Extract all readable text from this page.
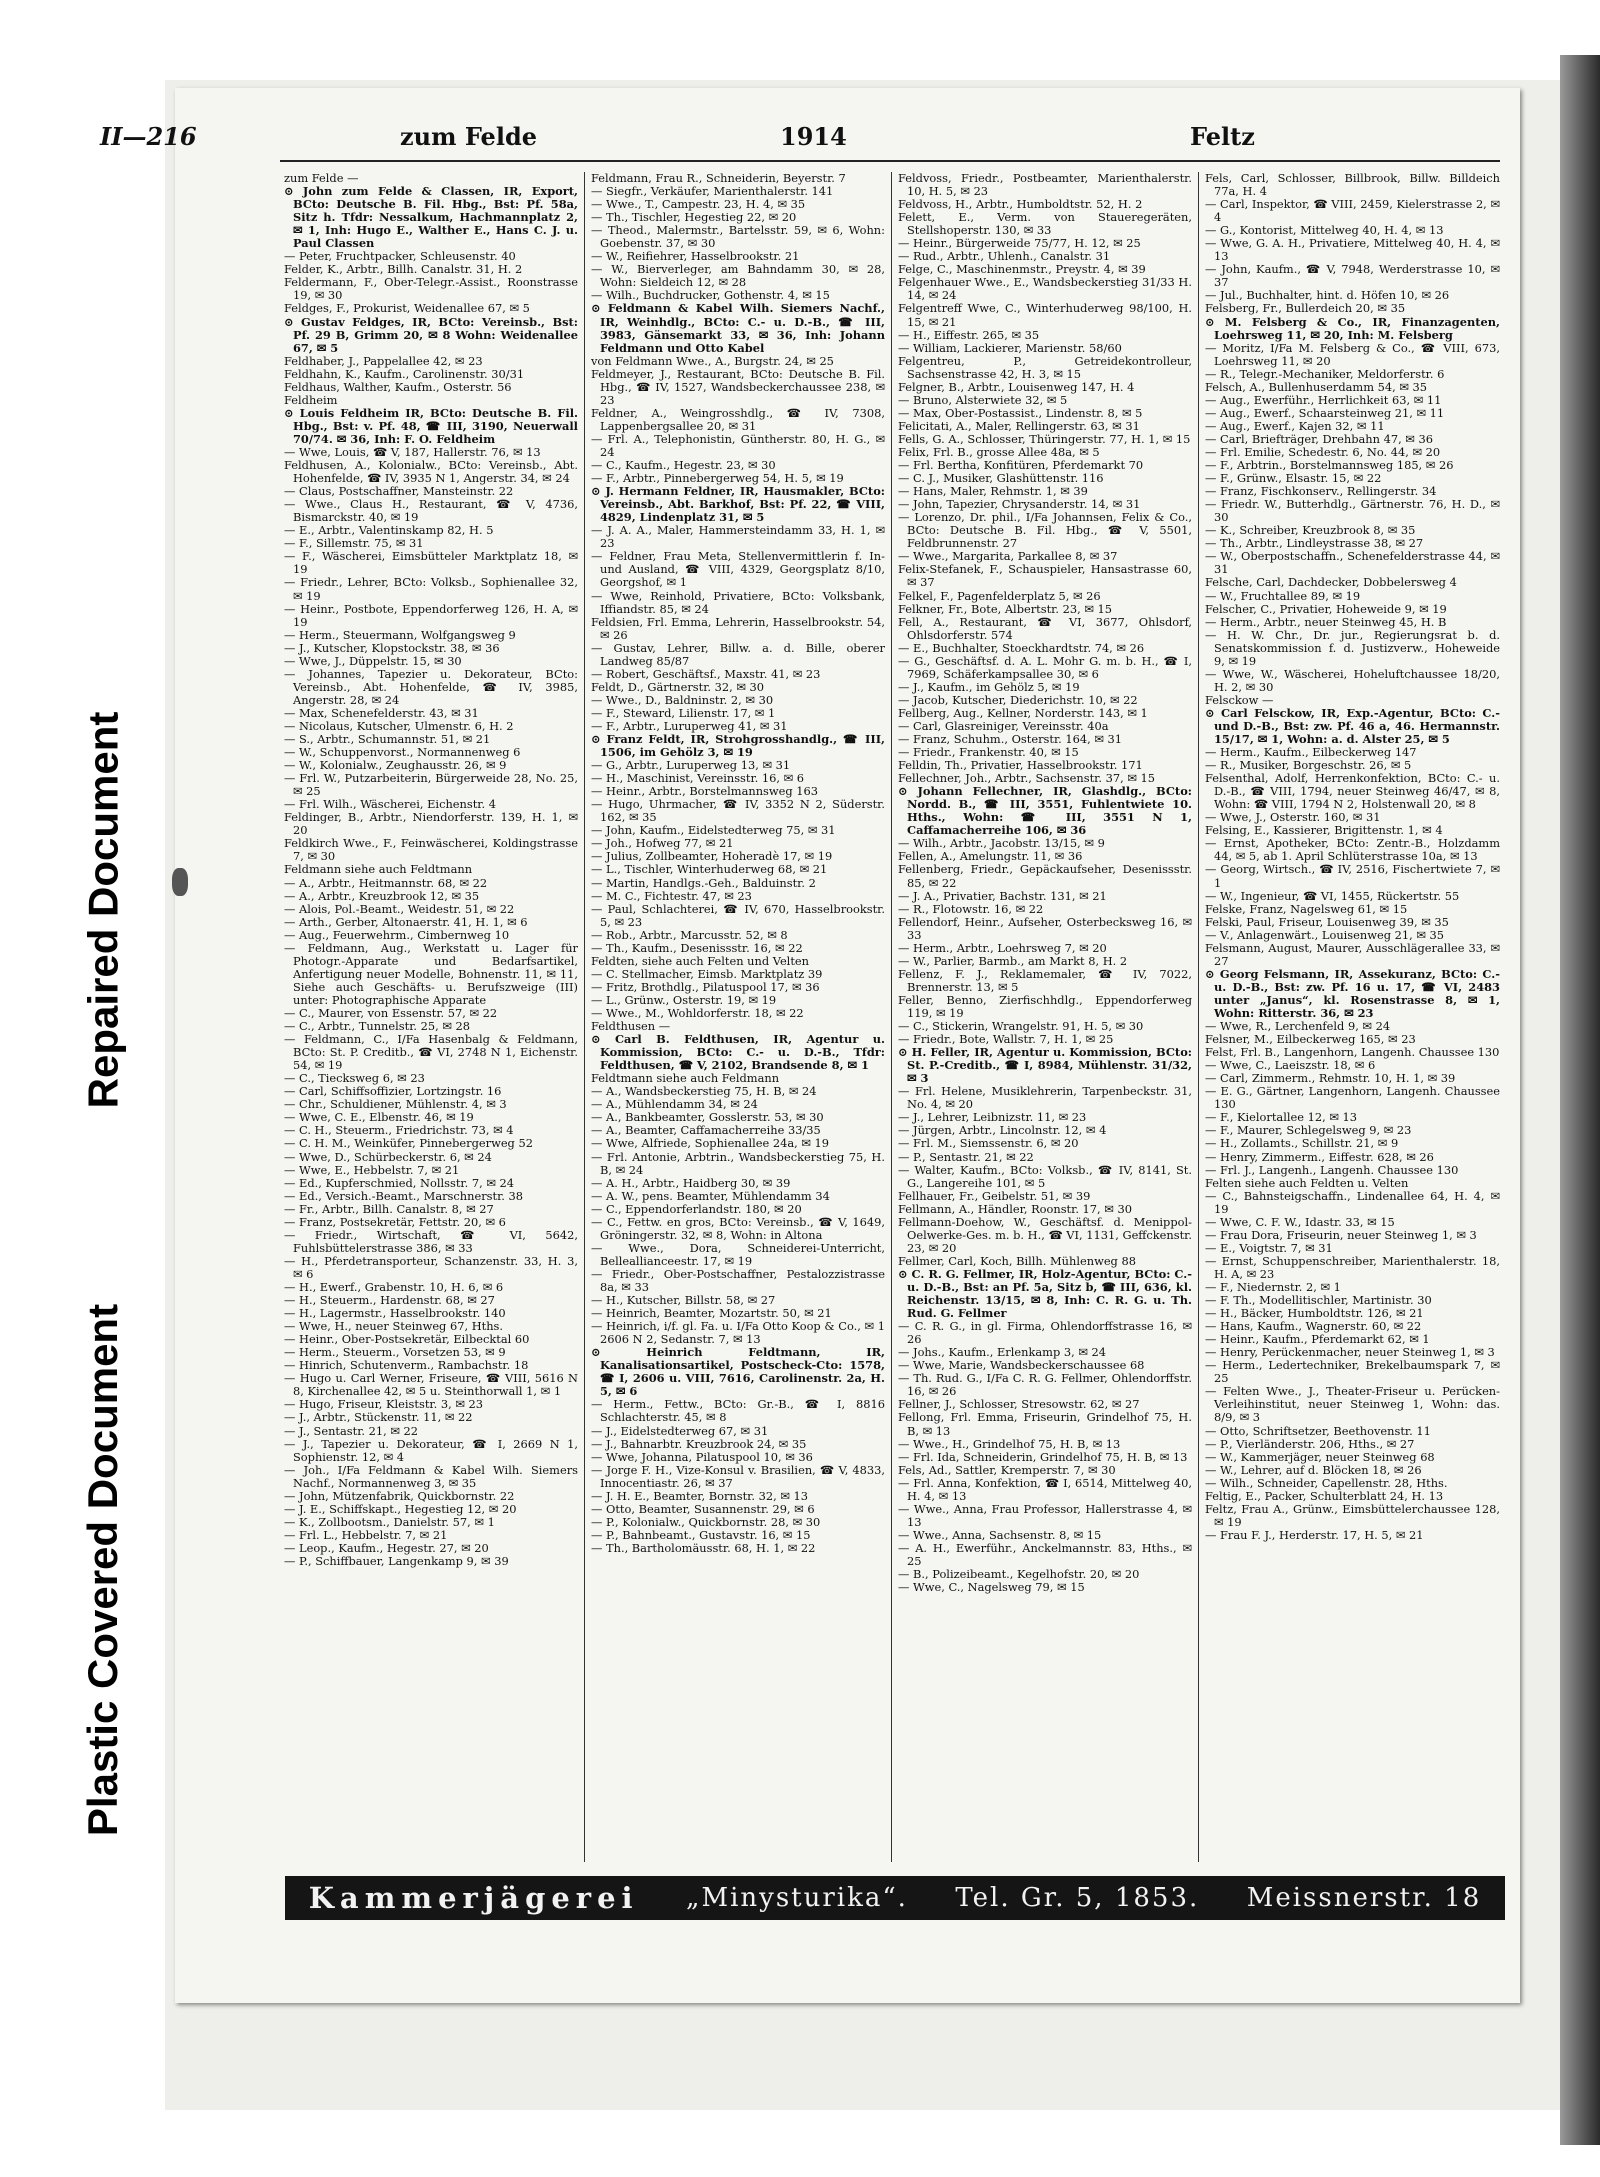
Repaired Document
Plastic Covered Document
II—216	zum Felde	1914	Feltz

zum Felde —

⊙ John zum Felde & Classen, IR, Export, BCto: Deutsche B. Fil. Hbg., Bst: Pf. 58a, Sitz h. Tfdr: Nessalkum, Hachmannplatz 2, ✉ 1, Inh: Hugo E., Walther E., Hans C. J. u. Paul Classen

— Peter, Fruchtpacker, Schleusenstr. 40

Felder, K., Arbtr., Billh. Canalstr. 31, H. 2

Feldermann, F., Ober-Telegr.-Assist., Roonstrasse 19, ✉ 30

Feldges, F., Prokurist, Weidenallee 67, ✉ 5

⊙ Gustav Feldges, IR, BCto: Vereinsb., Bst: Pf. 29 B, Grimm 20, ✉ 8 Wohn: Weidenallee 67, ✉ 5

Feldhaber, J., Pappelallee 42, ✉ 23

Feldhahn, K., Kaufm., Carolinenstr. 30/31

Feldhaus, Walther, Kaufm., Osterstr. 56

Feldheim

⊙ Louis Feldheim IR, BCto: Deutsche B. Fil. Hbg., Bst: v. Pf. 48, ☎ III, 3190, Neuerwall 70/74. ✉ 36, Inh: F. O. Feldheim

— Wwe, Louis, ☎ V, 187, Hallerstr. 76, ✉ 13

Feldhusen, A., Kolonialw., BCto: Vereinsb., Abt. Hohenfelde, ☎ IV, 3935 N 1, Angerstr. 34, ✉ 24

— Claus, Postschaffner, Mansteinstr. 22

— Wwe., Claus H., Restaurant, ☎ V, 4736, Bismarckstr. 40, ✉ 19

— E., Arbtr., Valentinskamp 82, H. 5

— F., Sillemstr. 75, ✉ 31

— F., Wäscherei, Eimsbütteler Marktplatz 18, ✉ 19

— Friedr., Lehrer, BCto: Volksb., Sophienallee 32, ✉ 19

— Heinr., Postbote, Eppendorferweg 126, H. A, ✉ 19

— Herm., Steuermann, Wolfgangsweg 9

— J., Kutscher, Klopstockstr. 38, ✉ 36

— Wwe, J., Düppelstr. 15, ✉ 30

— Johannes, Tapezier u. Dekorateur, BCto: Vereinsb., Abt. Hohenfelde, ☎ IV, 3985, Angerstr. 28, ✉ 24

— Max, Schenefelderstr. 43, ✉ 31

— Nicolaus, Kutscher, Ulmenstr. 6, H. 2

— S., Arbtr., Schumannstr. 51, ✉ 21

— W., Schuppenvorst., Normannenweg 6

— W., Kolonialw., Zeughausstr. 26, ✉ 9

— Frl. W., Putzarbeiterin, Bürgerweide 28, No. 25, ✉ 25

— Frl. Wilh., Wäscherei, Eichenstr. 4

Feldinger, B., Arbtr., Niendorferstr. 139, H. 1, ✉ 20

Feldkirch Wwe., F., Feinwäscherei, Koldingstrasse 7, ✉ 30

Feldmann siehe auch Feldtmann

— A., Arbtr., Heitmannstr. 68, ✉ 22

— A., Arbtr., Kreuzbrook 12, ✉ 35

— Alois, Pol.-Beamt., Weidestr. 51, ✉ 22

— Arth., Gerber, Altonaerstr. 41, H. 1, ✉ 6

— Aug., Feuerwehrm., Cimbernweg 10

— Feldmann, Aug., Werkstatt u. Lager für Photogr.-Apparate und Bedarfsartikel, Anfertigung neuer Modelle, Bohnenstr. 11, ✉ 11, Siehe auch Geschäfts- u. Berufszweige (III) unter: Photographische Apparate

— C., Maurer, von Essenstr. 57, ✉ 22

— C., Arbtr., Tunnelstr. 25, ✉ 28

— Feldmann, C., I/Fa Hasenbalg & Feldmann, BCto: St. P. Creditb., ☎ VI, 2748 N 1, Eichenstr. 54, ✉ 19

— C., Tiecksweg 6, ✉ 23

— Carl, Schiffsoffizier, Lortzingstr. 16

— Chr., Schuldiener, Mühlenstr. 4, ✉ 3

— Wwe, C. E., Elbenstr. 46, ✉ 19

— C. H., Steuerm., Friedrichstr. 73, ✉ 4

— C. H. M., Weinküfer, Pinnebergerweg 52

— Wwe, D., Schürbeckerstr. 6, ✉ 24

— Wwe, E., Hebbelstr. 7, ✉ 21

— Ed., Kupferschmied, Nollsstr. 7, ✉ 24

— Ed., Versich.-Beamt., Marschnerstr. 38

— Fr., Arbtr., Billh. Canalstr. 8, ✉ 27

— Franz, Postsekretär, Fettstr. 20, ✉ 6

— Friedr., Wirtschaft, ☎ VI, 5642, Fuhlsbüttelerstrasse 386, ✉ 33

— H., Pferdetransporteur, Schanzenstr. 33, H. 3, ✉ 6

— H., Ewerf., Grabenstr. 10, H. 6, ✉ 6

— H., Steuerm., Hardenstr. 68, ✉ 27

— H., Lagermstr., Hasselbrookstr. 140

— Wwe, H., neuer Steinweg 67, Hths.

— Heinr., Ober-Postsekretär, Eilbecktal 60

— Herm., Steuerm., Vorsetzen 53, ✉ 9

— Hinrich, Schutenverm., Rambachstr. 18

— Hugo u. Carl Werner, Friseure, ☎ VIII, 5616 N 8, Kirchenallee 42, ✉ 5 u. Steinthorwall 1, ✉ 1

— Hugo, Friseur, Kleiststr. 3, ✉ 23

— J., Arbtr., Stückenstr. 11, ✉ 22

— J., Sentastr. 21, ✉ 22

— J., Tapezier u. Dekorateur, ☎ I, 2669 N 1, Sophienstr. 12, ✉ 4

— Joh., I/Fa Feldmann & Kabel Wilh. Siemers Nachf., Normannenweg 3, ✉ 35

— John, Mützenfabrik, Quickbornstr. 22

— J. E., Schiffskapt., Hegestieg 12, ✉ 20

— K., Zollbootsm., Danielstr. 57, ✉ 1

— Frl. L., Hebbelstr. 7, ✉ 21

— Leop., Kaufm., Hegestr. 27, ✉ 20

— P., Schiffbauer, Langenkamp 9, ✉ 39

Feldmann, Frau R., Schneiderin, Beyerstr. 7

— Siegfr., Verkäufer, Marienthalerstr. 141

— Wwe., T., Campestr. 23, H. 4, ✉ 35

— Th., Tischler, Hegestieg 22, ✉ 20

— Theod., Malermstr., Bartelsstr. 59, ✉ 6, Wohn: Goebenstr. 37, ✉ 30

— W., Reifiehrer, Hasselbrookstr. 21

— W., Bierverleger, am Bahndamm 30, ✉ 28, Wohn: Sieldeich 12, ✉ 28

— Wilh., Buchdrucker, Gothenstr. 4, ✉ 15

⊙ Feldmann & Kabel Wilh. Siemers Nachf., IR, Weinhdlg., BCto: C.- u. D.-B., ☎ III, 3983, Gänsemarkt 33, ✉ 36, Inh: Johann Feldmann und Otto Kabel

von Feldmann Wwe., A., Burgstr. 24, ✉ 25

Feldmeyer, J., Restaurant, BCto: Deutsche B. Fil. Hbg., ☎ IV, 1527, Wandsbeckerchaussee 238, ✉ 23

Feldner, A., Weingrosshdlg., ☎ IV, 7308, Lappenbergsallee 20, ✉ 31

— Frl. A., Telephonistin, Güntherstr. 80, H. G., ✉ 24

— C., Kaufm., Hegestr. 23, ✉ 30

— F., Arbtr., Pinnebergerweg 54, H. 5, ✉ 19

⊙ J. Hermann Feldner, IR, Hausmakler, BCto: Vereinsb., Abt. Barkhof, Bst: Pf. 22, ☎ VIII, 4829, Lindenplatz 31, ✉ 5

— J. A. A., Maler, Hammersteindamm 33, H. 1, ✉ 23

— Feldner, Frau Meta, Stellenvermittlerin f. In- und Ausland, ☎ VIII, 4329, Georgsplatz 8/10, Georgshof, ✉ 1

— Wwe, Reinhold, Privatiere, BCto: Volksbank, Iffiandstr. 85, ✉ 24

Feldsien, Frl. Emma, Lehrerin, Hasselbrookstr. 54, ✉ 26

— Gustav, Lehrer, Billw. a. d. Bille, oberer Landweg 85/87

— Robert, Geschäftsf., Maxstr. 41, ✉ 23

Feldt, D., Gärtnerstr. 32, ✉ 30

— Wwe., D., Baldninstr. 2, ✉ 30

— F., Steward, Lilienstr. 17, ✉ 1

— F., Arbtr., Luruperweg 41, ✉ 31

⊙ Franz Feldt, IR, Strohgrosshandlg., ☎ III, 1506, im Gehölz 3, ✉ 19

— G., Arbtr., Luruperweg 13, ✉ 31

— H., Maschinist, Vereinsstr. 16, ✉ 6

— Heinr., Arbtr., Borstelmannsweg 163

— Hugo, Uhrmacher, ☎ IV, 3352 N 2, Süderstr. 162, ✉ 35

— John, Kaufm., Eidelstedterweg 75, ✉ 31

— Joh., Hofweg 77, ✉ 21

— Julius, Zollbeamter, Hoheradè 17, ✉ 19

— L., Tischler, Winterhuderweg 68, ✉ 21

— Martin, Handlgs.-Geh., Balduinstr. 2

— M. C., Fichtestr. 47, ✉ 23

— Paul, Schlachterei, ☎ IV, 670, Hasselbrookstr. 5, ✉ 23

— Rob., Arbtr., Marcusstr. 52, ✉ 8

— Th., Kaufm., Desenissstr. 16, ✉ 22

Feldten, siehe auch Felten und Velten

— C. Stellmacher, Eimsb. Marktplatz 39

— Fritz, Brothdlg., Pilatuspool 17, ✉ 36

— L., Grünw., Osterstr. 19, ✉ 19

— Wwe., M., Wohldorferstr. 18, ✉ 22

Feldthusen —

⊙ Carl B. Feldthusen, IR, Agentur u. Kommission, BCto: C.- u. D.-B., Tfdr: Feldthusen, ☎ V, 2102, Brandsende 8, ✉ 1

Feldtmann siehe auch Feldmann

— A., Wandsbeckerstieg 75, H. B, ✉ 24

— A., Mühlendamm 34, ✉ 24

— A., Bankbeamter, Gosslerstr. 53, ✉ 30

— A., Beamter, Caffamacherreihe 33/35

— Wwe, Alfriede, Sophienallee 24a, ✉ 19

— Frl. Antonie, Arbtrin., Wandsbeckerstieg 75, H. B, ✉ 24

— A. H., Arbtr., Haidberg 30, ✉ 39

— A. W., pens. Beamter, Mühlendamm 34

— C., Eppendorferlandstr. 180, ✉ 20

— C., Fettw. en gros, BCto: Vereinsb., ☎ V, 1649, Gröningerstr. 32, ✉ 8, Wohn: in Altona

— Wwe., Dora, Schneiderei-Unterricht, Belleallianceestr. 17, ✉ 19

— Friedr., Ober-Postschaffner, Pestalozzistrasse 8a, ✉ 33

— H., Kutscher, Billstr. 58, ✉ 27

— Heinrich, Beamter, Mozartstr. 50, ✉ 21

— Heinrich, i/f. gl. Fa. u. I/Fa Otto Koop & Co., ✉ 1 2606 N 2, Sedanstr. 7, ✉ 13

⊙ Heinrich Feldtmann, IR, Kanalisationsartikel, Postscheck-Cto: 1578, ☎ I, 2606 u. VIII, 7616, Carolinenstr. 2a, H. 5, ✉ 6

— Herm., Fettw., BCto: Gr.-B., ☎ I, 8816 Schlachterstr. 45, ✉ 8

— J., Eidelstedterweg 67, ✉ 31

— J., Bahnarbtr. Kreuzbrook 24, ✉ 35

— Wwe, Johanna, Pilatuspool 10, ✉ 36

— Jorge F. H., Vize-Konsul v. Brasilien, ☎ V, 4833, Innocentiastr. 26, ✉ 37

— J. H. E., Beamter, Bornstr. 32, ✉ 13

— Otto, Beamter, Susannenstr. 29, ✉ 6

— P., Kolonialw., Quickbornstr. 28, ✉ 30

— P., Bahnbeamt., Gustavstr. 16, ✉ 15

— Th., Bartholomäusstr. 68, H. 1, ✉ 22

Feldvoss, Friedr., Postbeamter, Marienthalerstr. 10, H. 5, ✉ 23

Feldvoss, H., Arbtr., Humboldtstr. 52, H. 2

Felett, E., Verm. von Staueregeräten, Stellshoperstr. 130, ✉ 33

— Heinr., Bürgerweide 75/77, H. 12, ✉ 25

— Rud., Arbtr., Uhlenh., Canalstr. 31

Felge, C., Maschinenmstr., Preystr. 4, ✉ 39

Felgenhauer Wwe., E., Wandsbeckerstieg 31/33 H. 14, ✉ 24

Felgentreff Wwe, C., Winterhuderweg 98/100, H. 15, ✉ 21

— H., Eiffestr. 265, ✉ 35

— William, Lackierer, Marienstr. 58/60

Felgentreu, P., Getreidekontrolleur, Sachsenstrasse 42, H. 3, ✉ 15

Felgner, B., Arbtr., Louisenweg 147, H. 4

— Bruno, Alsterwiete 32, ✉ 5

— Max, Ober-Postassist., Lindenstr. 8, ✉ 5

Felicitati, A., Maler, Rellingerstr. 63, ✉ 31

Fells, G. A., Schlosser, Thüringerstr. 77, H. 1, ✉ 15

Felix, Frl. B., grosse Allee 48a, ✉ 5

— Frl. Bertha, Konfitüren, Pferdemarkt 70

— C. J., Musiker, Glashüttenstr. 116

— Hans, Maler, Rehmstr. 1, ✉ 39

— John, Tapezier, Chrysanderstr. 14, ✉ 31

— Lorenzo, Dr. phil., I/Fa Johannsen, Felix & Co., BCto: Deutsche B. Fil. Hbg., ☎ V, 5501, Feldbrunnenstr. 27

— Wwe., Margarita, Parkallee 8, ✉ 37

Felix-Stefanek, F., Schauspieler, Hansastrasse 60, ✉ 37

Felkel, F., Pagenfelderplatz 5, ✉ 26

Felkner, Fr., Bote, Albertstr. 23, ✉ 15

Fell, A., Restaurant, ☎ VI, 3677, Ohlsdorf, Ohlsdorferstr. 574

— E., Buchhalter, Stoeckhardtstr. 74, ✉ 26

— G., Geschäftsf. d. A. L. Mohr G. m. b. H., ☎ I, 7969, Schäferkampsallee 30, ✉ 6

— J., Kaufm., im Gehölz 5, ✉ 19

— Jacob, Kutscher, Diederichstr. 10, ✉ 22

Fellberg, Aug., Kellner, Norderstr. 143, ✉ 1

— Carl, Glasreiniger, Vereinsstr. 40a

— Franz, Schuhm., Osterstr. 164, ✉ 31

— Friedr., Frankenstr. 40, ✉ 15

Felldin, Th., Privatier, Hasselbrookstr. 171

Fellechner, Joh., Arbtr., Sachsenstr. 37, ✉ 15

⊙ Johann Fellechner, IR, Glashdlg., BCto: Nordd. B., ☎ III, 3551, Fuhlentwiete 10. Hths., Wohn: ☎ III, 3551 N 1, Caffamacherreihe 106, ✉ 36

— Wilh., Arbtr., Jacobstr. 13/15, ✉ 9

Fellen, A., Amelungstr. 11, ✉ 36

Fellenberg, Friedr., Gepäckaufseher, Desenissstr. 85, ✉ 22

— J. A., Privatier, Bachstr. 131, ✉ 21

— R., Flotowstr. 16, ✉ 22

Fellendorf, Heinr., Aufseher, Osterbecksweg 16, ✉ 33

— Herm., Arbtr., Loehrsweg 7, ✉ 20

— W., Parlier, Barmb., am Markt 8, H. 2

Fellenz, F. J., Reklamemaler, ☎ IV, 7022, Brennerstr. 13, ✉ 5

Feller, Benno, Zierfischhdlg., Eppendorferweg 119, ✉ 19

— C., Stickerin, Wrangelstr. 91, H. 5, ✉ 30

— Friedr., Bote, Wallstr. 7, H. 1, ✉ 25

⊙ H. Feller, IR, Agentur u. Kommission, BCto: St. P.-Creditb., ☎ I, 8984, Mühlenstr. 31/32, ✉ 3

— Frl. Helene, Musiklehrerin, Tarpenbeckstr. 31, No. 4, ✉ 20

— J., Lehrer, Leibnizstr. 11, ✉ 23

— Jürgen, Arbtr., Lincolnstr. 12, ✉ 4

— Frl. M., Siemssenstr. 6, ✉ 20

— P., Sentastr. 21, ✉ 22

— Walter, Kaufm., BCto: Volksb., ☎ IV, 8141, St. G., Langereihe 101, ✉ 5

Fellhauer, Fr., Geibelstr. 51, ✉ 39

Fellmann, A., Händler, Roonstr. 17, ✉ 30

Fellmann-Doehow, W., Geschäftsf. d. Menippol-Oelwerke-Ges. m. b. H., ☎ VI, 1131, Geffckenstr. 23, ✉ 20

Fellmer, Carl, Koch, Billh. Mühlenweg 88

⊙ C. R. G. Fellmer, IR, Holz-Agentur, BCto: C.- u. D.-B., Bst: an Pf. 5a, Sitz b, ☎ III, 636, kl. Reichenstr. 13/15, ✉ 8, Inh: C. R. G. u. Th. Rud. G. Fellmer

— C. R. G., in gl. Firma, Ohlendorffstrasse 16, ✉ 26

— Johs., Kaufm., Erlenkamp 3, ✉ 24

— Wwe, Marie, Wandsbeckerschaussee 68

— Th. Rud. G., I/Fa C. R. G. Fellmer, Ohlendorffstr. 16, ✉ 26

Fellner, J., Schlosser, Stresowstr. 62, ✉ 27

Fellong, Frl. Emma, Friseurin, Grindelhof 75, H. B, ✉ 13

— Wwe., H., Grindelhof 75, H. B, ✉ 13

— Frl. Ida, Schneiderin, Grindelhof 75, H. B, ✉ 13

Fels, Ad., Sattler, Kremperstr. 7, ✉ 30

— Frl. Anna, Konfektion, ☎ I, 6514, Mittelweg 40, H. 4, ✉ 13

— Wwe., Anna, Frau Professor, Hallerstrasse 4, ✉ 13

— Wwe., Anna, Sachsenstr. 8, ✉ 15

— A. H., Ewerführ., Anckelmannstr. 83, Hths., ✉ 25

— B., Polizeibeamt., Kegelhofstr. 20, ✉ 20

— Wwe, C., Nagelsweg 79, ✉ 15

Fels, Carl, Schlosser, Billbrook, Billw. Billdeich 77a, H. 4

— Carl, Inspektor, ☎ VIII, 2459, Kielerstrasse 2, ✉ 4

— G., Kontorist, Mittelweg 40, H. 4, ✉ 13

— Wwe, G. A. H., Privatiere, Mittelweg 40, H. 4, ✉ 13

— John, Kaufm., ☎ V, 7948, Werderstrasse 10, ✉ 37

— Jul., Buchhalter, hint. d. Höfen 10, ✉ 26

Felsberg, Fr., Bullerdeich 20, ✉ 35

⊙ M. Felsberg & Co., IR, Finanzagenten, Loehrsweg 11, ✉ 20, Inh: M. Felsberg

— Moritz, I/Fa M. Felsberg & Co., ☎ VIII, 673, Loehrsweg 11, ✉ 20

— R., Telegr.-Mechaniker, Meldorferstr. 6

Felsch, A., Bullenhuserdamm 54, ✉ 35

— Aug., Ewerführ., Herrlichkeit 63, ✉ 11

— Aug., Ewerf., Schaarsteinweg 21, ✉ 11

— Aug., Ewerf., Kajen 32, ✉ 11

— Carl, Briefträger, Drehbahn 47, ✉ 36

— Frl. Emilie, Schedestr. 6, No. 44, ✉ 20

— F., Arbtrin., Borstelmannsweg 185, ✉ 26

— F., Grünw., Elsastr. 15, ✉ 22

— Franz, Fischkonserv., Rellingerstr. 34

— Friedr. W., Butterhdlg., Gärtnerstr. 76, H. D., ✉ 30

— K., Schreiber, Kreuzbrook 8, ✉ 35

— Th., Arbtr., Lindleystrasse 38, ✉ 27

— W., Oberpostschaffn., Schenefelderstrasse 44, ✉ 31

Felsche, Carl, Dachdecker, Dobbelersweg 4

— W., Fruchtallee 89, ✉ 19

Felscher, C., Privatier, Hoheweide 9, ✉ 19

— Herm., Arbtr., neuer Steinweg 45, H. B

— H. W. Chr., Dr. jur., Regierungsrat b. d. Senatskommission f. d. Justizverw., Hoheweide 9, ✉ 19

— Wwe, W., Wäscherei, Hoheluftchaussee 18/20, H. 2, ✉ 30

Felsckow —

⊙ Carl Felsckow, IR, Exp.-Agentur, BCto: C.- und D.-B., Bst: zw. Pf. 46 a, 46. Hermannstr. 15/17, ✉ 1, Wohn: a. d. Alster 25, ✉ 5

— Herm., Kaufm., Eilbeckerweg 147

— R., Musiker, Borgeschstr. 26, ✉ 5

Felsenthal, Adolf, Herrenkonfektion, BCto: C.- u. D.-B., ☎ VIII, 1794, neuer Steinweg 46/47, ✉ 8, Wohn: ☎ VIII, 1794 N 2, Holstenwall 20, ✉ 8

— Wwe, J., Osterstr. 160, ✉ 31

Felsing, E., Kassierer, Brigittenstr. 1, ✉ 4

— Ernst, Apotheker, BCto: Zentr.-B., Holzdamm 44, ✉ 5, ab 1. April Schlüterstrasse 10a, ✉ 13

— Georg, Wirtsch., ☎ IV, 2516, Fischertwiete 7, ✉ 1

— W., Ingenieur, ☎ VI, 1455, Rückertstr. 55

Felske, Franz, Nagelsweg 61, ✉ 15

Felski, Paul, Friseur, Louisenweg 39, ✉ 35

— V., Anlagenwärt., Louisenweg 21, ✉ 35

Felsmann, August, Maurer, Ausschlägerallee 33, ✉ 27

⊙ Georg Felsmann, IR, Assekuranz, BCto: C.- u. D.-B., Bst: zw. Pf. 16 u. 17, ☎ VI, 2483 unter „Janus“, kl. Rosenstrasse 8, ✉ 1, Wohn: Ritterstr. 36, ✉ 23

— Wwe, R., Lerchenfeld 9, ✉ 24

Felsner, M., Eilbeckerweg 165, ✉ 23

Felst, Frl. B., Langenhorn, Langenh. Chaussee 130

— Wwe, C., Laeiszstr. 18, ✉ 6

— Carl, Zimmerm., Rehmstr. 10, H. 1, ✉ 39

— E. G., Gärtner, Langenhorn, Langenh. Chaussee 130

— F., Kielortallee 12, ✉ 13

— F., Maurer, Schlegelsweg 9, ✉ 23

— H., Zollamts., Schillstr. 21, ✉ 9

— Henry, Zimmerm., Eiffestr. 628, ✉ 26

— Frl. J., Langenh., Langenh. Chaussee 130

Felten siehe auch Feldten u. Velten

— C., Bahnsteigschaffn., Lindenallee 64, H. 4, ✉ 19

— Wwe, C. F. W., Idastr. 33, ✉ 15

— Frau Dora, Friseurin, neuer Steinweg 1, ✉ 3

— E., Voigtstr. 7, ✉ 31

— Ernst, Schuppenschreiber, Marienthalerstr. 18, H. A, ✉ 23

— F., Niedernstr. 2, ✉ 1

— F. Th., Modellitischler, Martinistr. 30

— H., Bäcker, Humboldtstr. 126, ✉ 21

— Hans, Kaufm., Wagnerstr. 60, ✉ 22

— Heinr., Kaufm., Pferdemarkt 62, ✉ 1

— Henry, Perückenmacher, neuer Steinweg 1, ✉ 3

— Herm., Ledertechniker, Brekelbaumspark 7, ✉ 25

— Felten Wwe., J., Theater-Friseur u. Perücken-Verleihinstitut, neuer Steinweg 1, Wohn: das. 8/9, ✉ 3

— Otto, Schriftsetzer, Beethovenstr. 11

— P., Vierländerstr. 206, Hths., ✉ 27

— W., Kammerjäger, neuer Steinweg 68

— W., Lehrer, auf d. Blöcken 18, ✉ 26

— Wilh., Schneider, Capellenstr. 28, Hths.

Feltig, E., Packer, Schulterblatt 24, H. 13

Feltz, Frau A., Grünw., Eimsbüttelerchaussee 128, ✉ 19

— Frau F. J., Herderstr. 17, H. 5, ✉ 21

Kammerjägerei „Minysturika“. Tel. Gr. 5, 1853. Meissnerstr. 18
